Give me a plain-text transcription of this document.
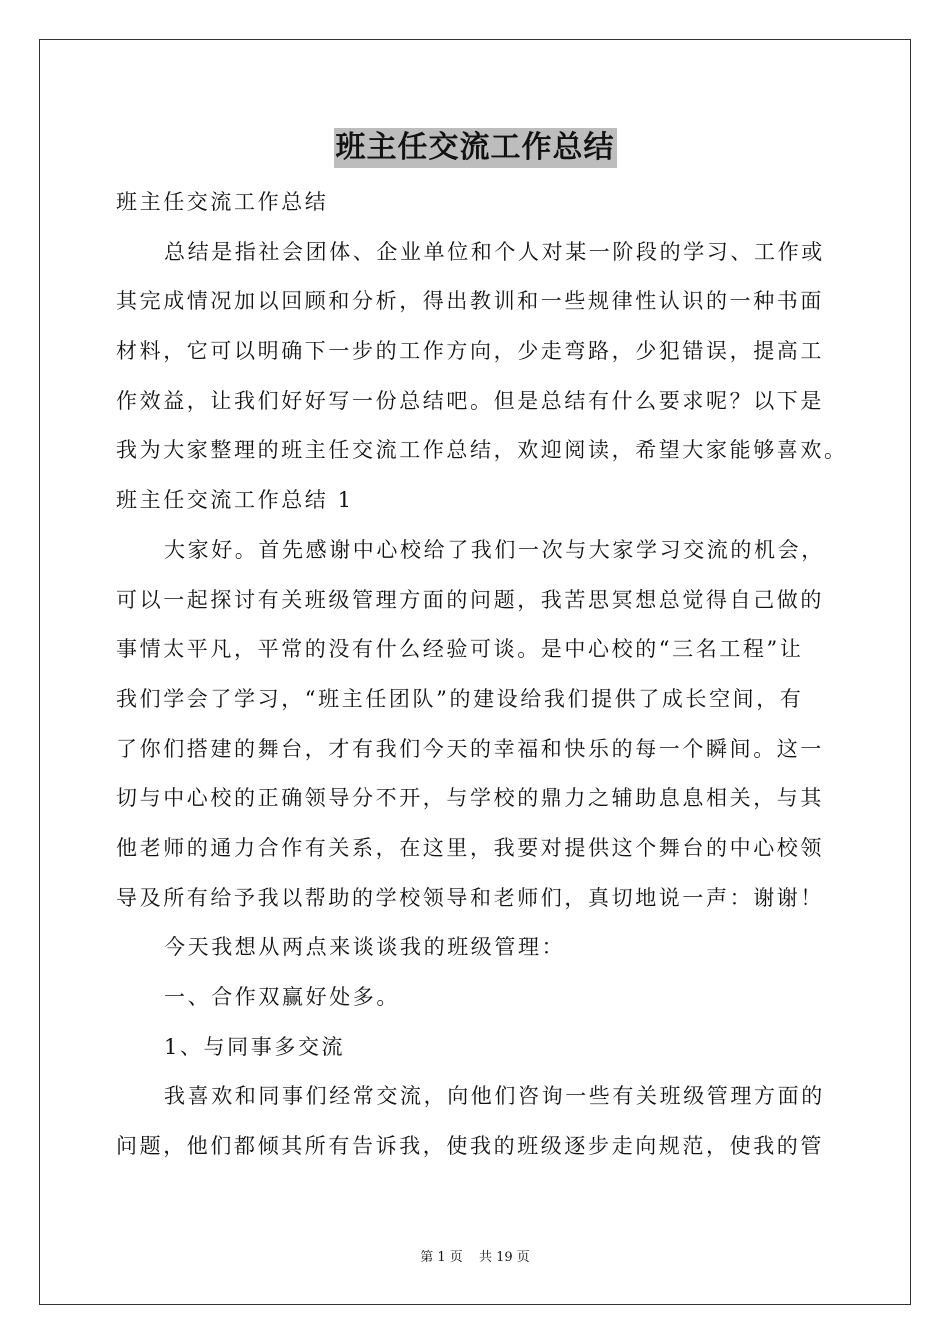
班主任交流工作总结
班主任交流工作总结
总结是指社会团体、企业单位和个人对某一阶段的学习、工作或
其完成情况加以回顾和分析，得出教训和一些规律性认识的一种书面
材料，它可以明确下一步的工作方向，少走弯路，少犯错误，提高工
作效益，让我们好好写一份总结吧。但是总结有什么要求呢？以下是
我为大家整理的班主任交流工作总结，欢迎阅读，希望大家能够喜欢。
班主任交流工作总结 1
大家好。首先感谢中心校给了我们一次与大家学习交流的机会，
可以一起探讨有关班级管理方面的问题，我苦思冥想总觉得自己做的
事情太平凡，平常的没有什么经验可谈。是中心校的“三名工程”让
我们学会了学习，“班主任团队”的建设给我们提供了成长空间，有
了你们搭建的舞台，才有我们今天的幸福和快乐的每一个瞬间。这一
切与中心校的正确领导分不开，与学校的鼎力之辅助息息相关，与其
他老师的通力合作有关系，在这里，我要对提供这个舞台的中心校领
导及所有给予我以帮助的学校领导和老师们，真切地说一声：谢谢！
今天我想从两点来谈谈我的班级管理：
一、合作双赢好处多。
1、与同事多交流
我喜欢和同事们经常交流，向他们咨询一些有关班级管理方面的
问题，他们都倾其所有告诉我，使我的班级逐步走向规范，使我的管
第 1 页 共 19 页
